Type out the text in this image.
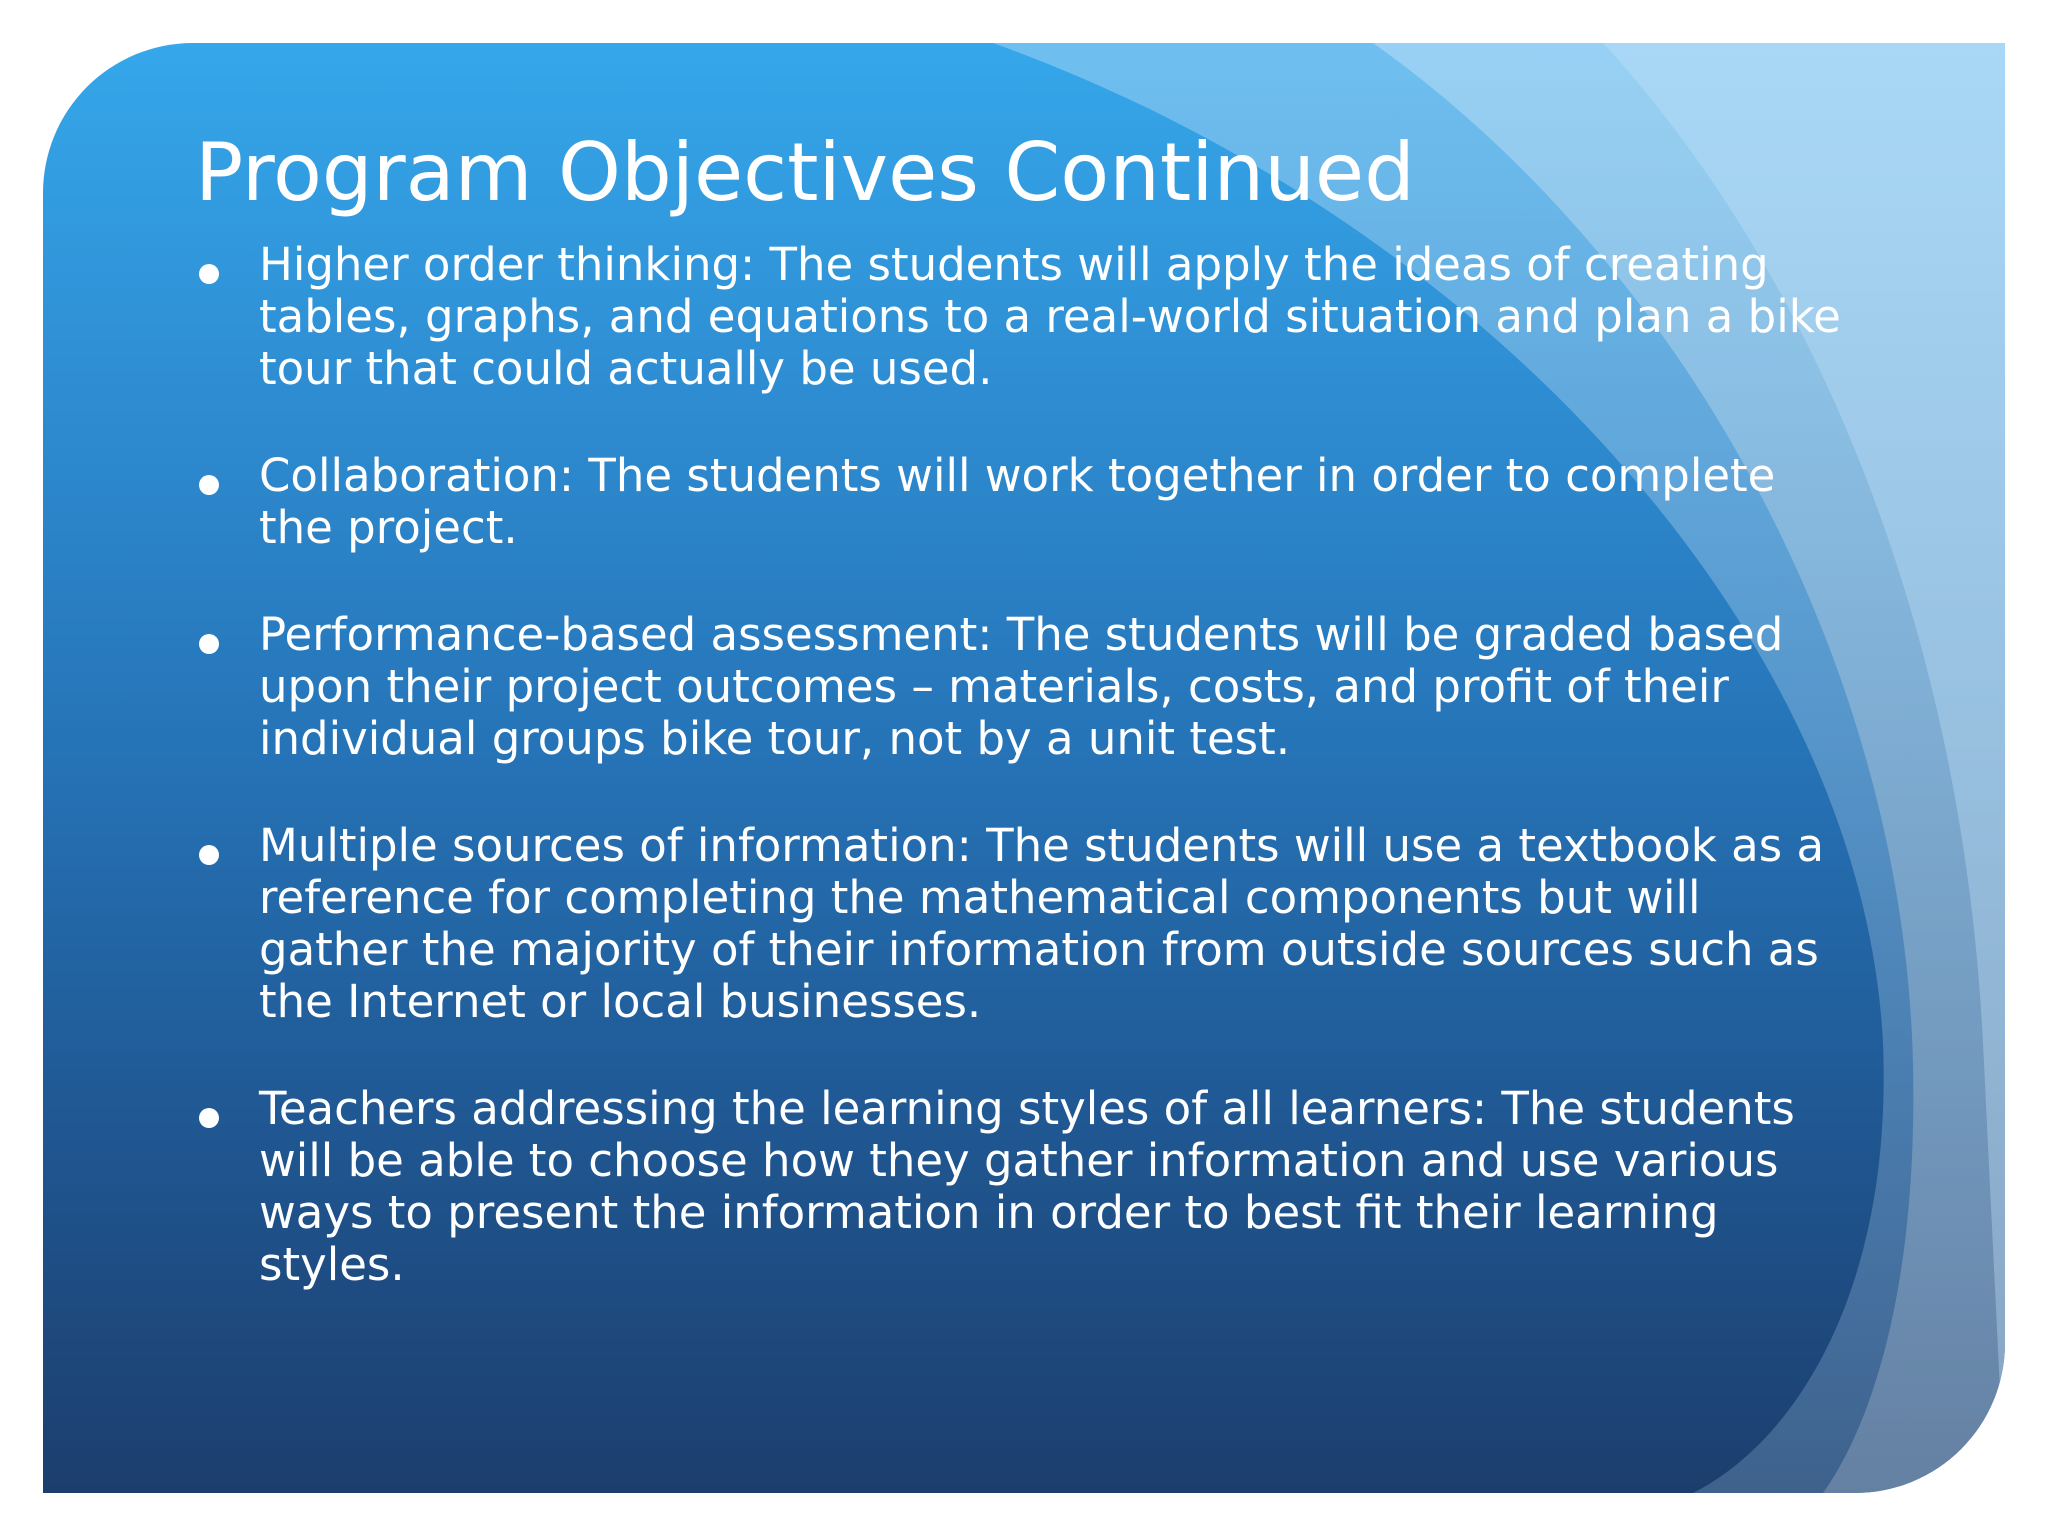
Program Objectives Continued
Higher order thinking: The students will apply the ideas of creating tables, graphs, and equations to a real-world situation and plan a bike tour that could actually be used.
Collaboration: The students will work together in order to complete the project.
Performance-based assessment: The students will be graded based upon their project outcomes – materials, costs, and profit of their individual groups bike tour, not by a unit test.
Multiple sources of information: The students will use a textbook as a reference for completing the mathematical components but will gather the majority of their information from outside sources such as the Internet or local businesses.
Teachers addressing the learning styles of all learners: The students will be able to choose how they gather information and use various ways to present the information in order to best fit their learning styles.
